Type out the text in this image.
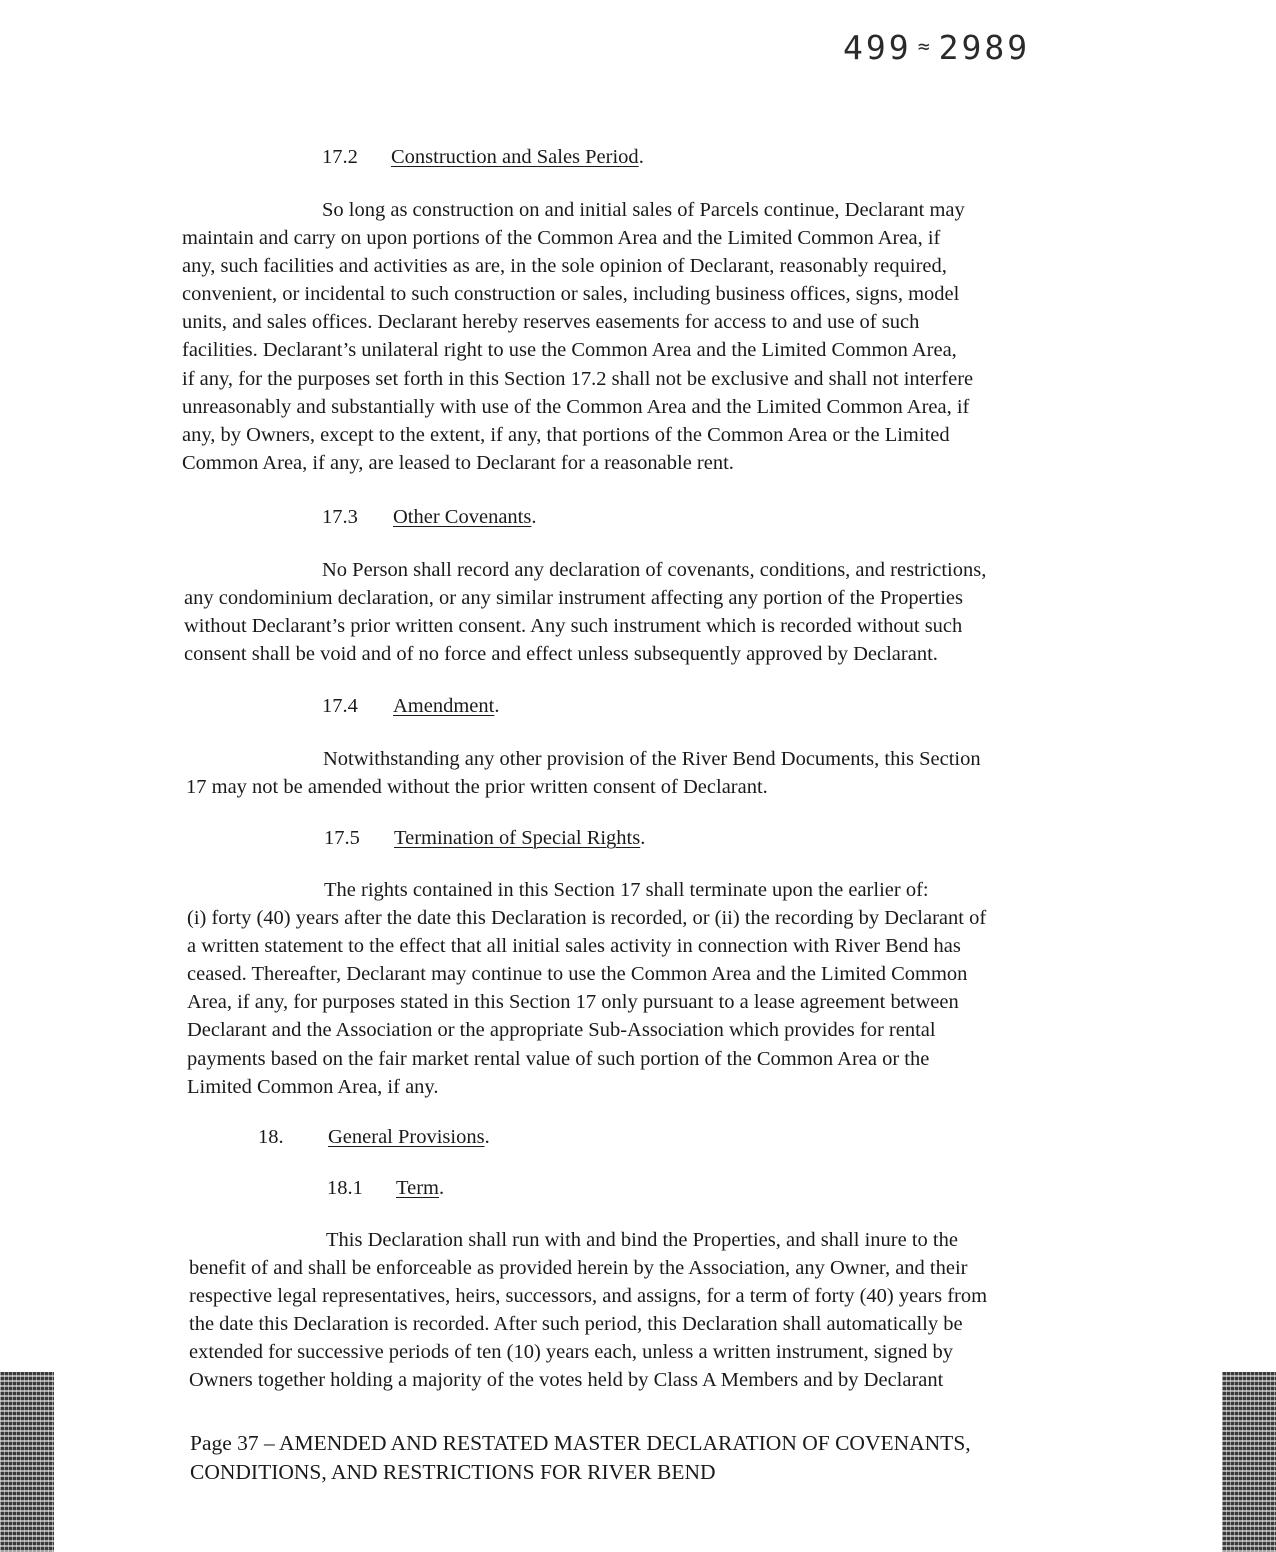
499 ≈ 2989
17.2 Construction and Sales Period.
So long as construction on and initial sales of Parcels continue, Declarant may
maintain and carry on upon portions of the Common Area and the Limited Common Area, if
any, such facilities and activities as are, in the sole opinion of Declarant, reasonably required,
convenient, or incidental to such construction or sales, including business offices, signs, model
units, and sales offices. Declarant hereby reserves easements for access to and use of such
facilities. Declarant’s unilateral right to use the Common Area and the Limited Common Area,
if any, for the purposes set forth in this Section 17.2 shall not be exclusive and shall not interfere
unreasonably and substantially with use of the Common Area and the Limited Common Area, if
any, by Owners, except to the extent, if any, that portions of the Common Area or the Limited
Common Area, if any, are leased to Declarant for a reasonable rent.
17.3 Other Covenants.
No Person shall record any declaration of covenants, conditions, and restrictions,
any condominium declaration, or any similar instrument affecting any portion of the Properties
without Declarant’s prior written consent. Any such instrument which is recorded without such
consent shall be void and of no force and effect unless subsequently approved by Declarant.
17.4 Amendment.
Notwithstanding any other provision of the River Bend Documents, this Section
17 may not be amended without the prior written consent of Declarant.
17.5 Termination of Special Rights.
The rights contained in this Section 17 shall terminate upon the earlier of:
(i) forty (40) years after the date this Declaration is recorded, or (ii) the recording by Declarant of
a written statement to the effect that all initial sales activity in connection with River Bend has
ceased. Thereafter, Declarant may continue to use the Common Area and the Limited Common
Area, if any, for purposes stated in this Section 17 only pursuant to a lease agreement between
Declarant and the Association or the appropriate Sub-Association which provides for rental
payments based on the fair market rental value of such portion of the Common Area or the
Limited Common Area, if any.
18. General Provisions.
18.1 Term.
This Declaration shall run with and bind the Properties, and shall inure to the
benefit of and shall be enforceable as provided herein by the Association, any Owner, and their
respective legal representatives, heirs, successors, and assigns, for a term of forty (40) years from
the date this Declaration is recorded. After such period, this Declaration shall automatically be
extended for successive periods of ten (10) years each, unless a written instrument, signed by
Owners together holding a majority of the votes held by Class A Members and by Declarant
Page 37 – AMENDED AND RESTATED MASTER DECLARATION OF COVENANTS,
CONDITIONS, AND RESTRICTIONS FOR RIVER BEND
